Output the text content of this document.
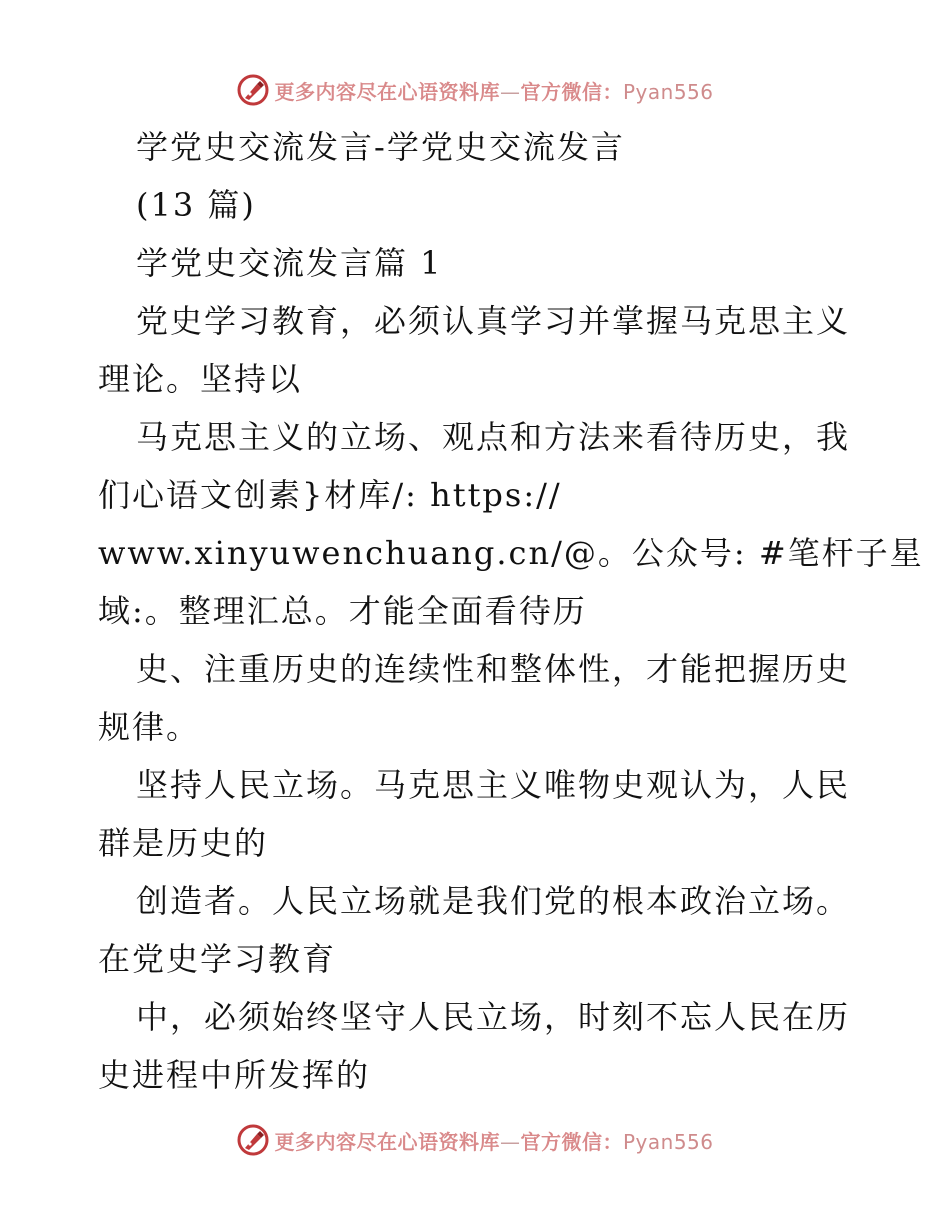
更多内容尽在心语资料库—官方微信：Pyan556
学党史交流发言-学党史交流发言
(13 篇)
学党史交流发言篇 1
党史学习教育，必须认真学习并掌握马克思主义
理论。坚持以
马克思主义的立场、观点和方法来看待历史，我
们心语文创素}材库/: https://
www.xinyuwenchuang.cn/@。公众号: #笔杆子星
域:。整理汇总。才能全面看待历
史、注重历史的连续性和整体性，才能把握历史
规律。
坚持人民立场。马克思主义唯物史观认为，人民
群是历史的
创造者。人民立场就是我们党的根本政治立场。
在党史学习教育
中，必须始终坚守人民立场，时刻不忘人民在历
史进程中所发挥的
更多内容尽在心语资料库—官方微信：Pyan556
